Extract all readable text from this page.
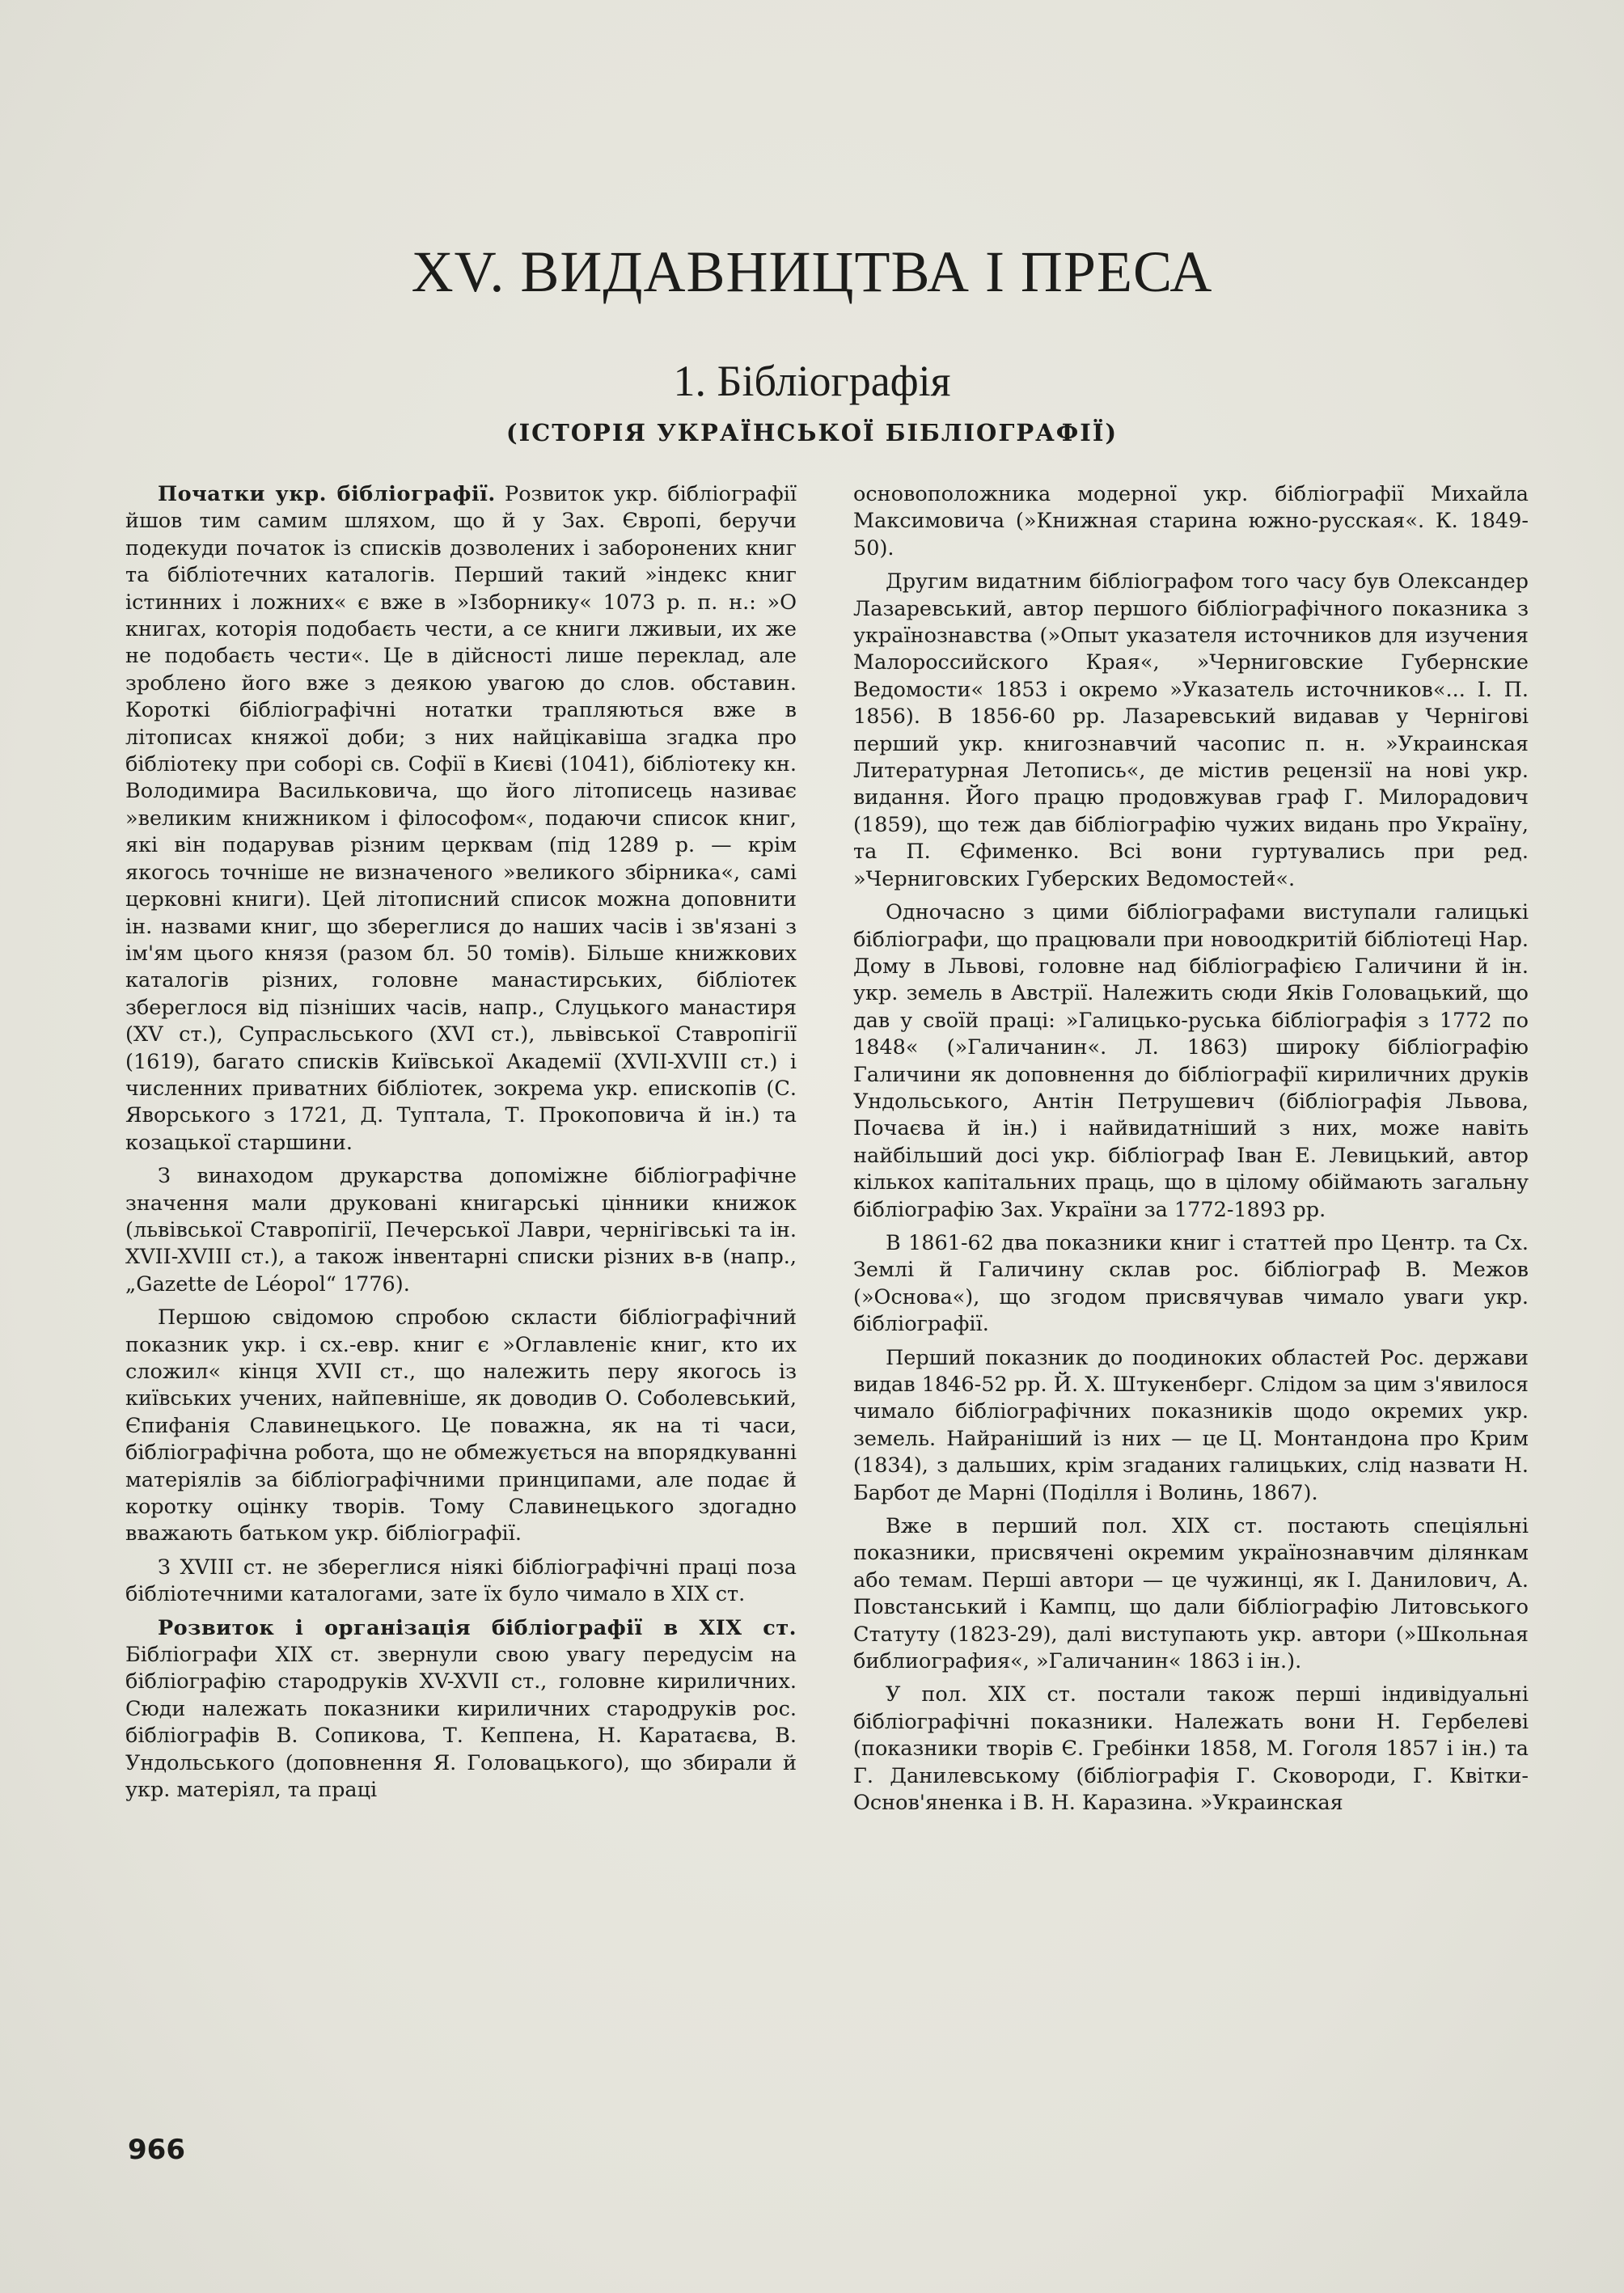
XV. ВИДАВНИЦТВА І ПРЕСА
1. Бібліографія
(ІСТОРІЯ УКРАЇНСЬКОЇ БІБЛІОГРАФІЇ)

Початки укр. бібліографії. Розвиток укр. бібліографії йшов тим самим шляхом, що й у Зах. Європі, беручи подекуди початок із списків дозволених і заборонених книг та бібліотечних каталогів. Перший такий »індекс книг істинних і ложних« є вже в »Ізборнику« 1073 р. п. н.: »О книгах, которія подобаєть чести, а се книги лживыи, их же не подобаєть чести«. Це в дійсності лише переклад, але зроблено його вже з деякою увагою до слов. обставин. Короткі бібліографічні нотатки трапляються вже в літописах княжої доби; з них найцікавіша згадка про бібліотеку при соборі св. Софії в Києві (1041), бібліотеку кн. Володимира Васильковича, що його літописець називає »великим книжником і філософом«, подаючи список книг, які він подарував різним церквам (під 1289 р. — крім якогось точніше не визначеного »великого збірника«, самі церковні книги). Цей літописний список можна доповнити ін. назвами книг, що збереглися до наших часів і зв'язані з ім'ям цього князя (разом бл. 50 томів). Більше книжкових каталогів різних, головне манастирських, бібліотек збереглося від пізніших часів, напр., Слуцького манастиря (XV ст.), Супрасльського (XVI ст.), львівської Ставропігії (1619), багато списків Київської Академії (XVII-XVIII ст.) і численних приватних бібліотек, зокрема укр. епископів (С. Яворського з 1721, Д. Туптала, Т. Прокоповича й ін.) та козацької старшини.

З винаходом друкарства допоміжне бібліографічне значення мали друковані книгарські цінники книжок (львівської Ставропігії, Печерської Лаври, чернігівські та ін. XVII-XVIII ст.), а також інвентарні списки різних в-в (напр., „Gazette de Léopol“ 1776).

Першою свідомою спробою скласти бібліографічний показник укр. і сх.-евр. книг є »Оглавленіє книг, кто их сложил« кінця XVII ст., що належить перу якогось із київських учених, найпевніше, як доводив О. Соболевський, Єпифанія Славинецького. Це поважна, як на ті часи, бібліографічна робота, що не обмежується на впорядкуванні матеріялів за бібліографічними принципами, але подає й коротку оцінку творів. Тому Славинецького здогадно вважають батьком укр. бібліографії.

З XVIII ст. не збереглися ніякі бібліографічні праці поза бібліотечними каталогами, зате їх було чимало в XIX ст.

Розвиток і організація бібліографії в XIX ст. Бібліографи XIX ст. звернули свою увагу передусім на бібліографію стародруків XV-XVII ст., головне кириличних. Сюди належать показники кириличних стародруків рос. бібліографів В. Сопикова, Т. Кеппена, Н. Каратаєва, В. Ундольського (доповнення Я. Головацького), що збирали й укр. матеріял, та праці

основоположника модерної укр. бібліографії Михайла Максимовича (»Книжная старина южно-русская«. К. 1849-50).

Другим видатним бібліографом того часу був Олександер Лазаревський, автор першого бібліографічного показника з українознавства (»Опыт указателя источников для изучения Малороссийского Края«, »Черниговские Губернские Ведомости« 1853 і окремо »Указатель источников«... І. П. 1856). В 1856-60 рр. Лазаревський видавав у Чернігові перший укр. книгознавчий часопис п. н. »Украинская Литературная Летопись«, де містив рецензії на нові укр. видання. Його працю продовжував граф Г. Милорадович (1859), що теж дав бібліографію чужих видань про Україну, та П. Єфименко. Всі вони гуртувались при ред. »Черниговских Губерских Ведомостей«.

Одночасно з цими бібліографами виступали галицькі бібліографи, що працювали при новоодкритій бібліотеці Нар. Дому в Львові, головне над бібліографією Галичини й ін. укр. земель в Австрії. Належить сюди Яків Головацький, що дав у своїй праці: »Галицько-руська бібліографія з 1772 по 1848« (»Галичанин«. Л. 1863) широку бібліографію Галичини як доповнення до бібліографії кириличних друків Ундольського, Антін Петрушевич (бібліографія Львова, Почаєва й ін.) і найвидатніший з них, може навіть найбільший досі укр. бібліограф Іван Е. Левицький, автор кількох капітальних праць, що в цілому обіймають загальну бібліографію Зах. України за 1772-1893 рр.

В 1861-62 два показники книг і статтей про Центр. та Сх. Землі й Галичину склав рос. бібліограф В. Межов (»Основа«), що згодом присвячував чимало уваги укр. бібліографії.

Перший показник до поодиноких областей Рос. держави видав 1846-52 рр. Й. Х. Штукенберг. Слідом за цим з'явилося чимало бібліографічних показників щодо окремих укр. земель. Найраніший із них — це Ц. Монтандона про Крим (1834), з дальших, крім згаданих галицьких, слід назвати Н. Барбот де Марні (Поділля і Волинь, 1867).

Вже в перший пол. XIX ст. постають спеціяльні показники, присвячені окремим українознавчим ділянкам або темам. Перші автори — це чужинці, як І. Данилович, А. Повстанський і Кампц, що дали бібліографію Литовського Статуту (1823-29), далі виступають укр. автори (»Школьная библиография«, »Галичанин« 1863 і ін.).

У пол. XIX ст. постали також перші індивідуальні бібліографічні показники. Належать вони Н. Гербелеві (показники творів Є. Гребінки 1858, М. Гоголя 1857 і ін.) та Г. Данилевському (бібліографія Г. Сковороди, Г. Квітки-Основ'яненка і В. Н. Каразина. »Украинская

966
